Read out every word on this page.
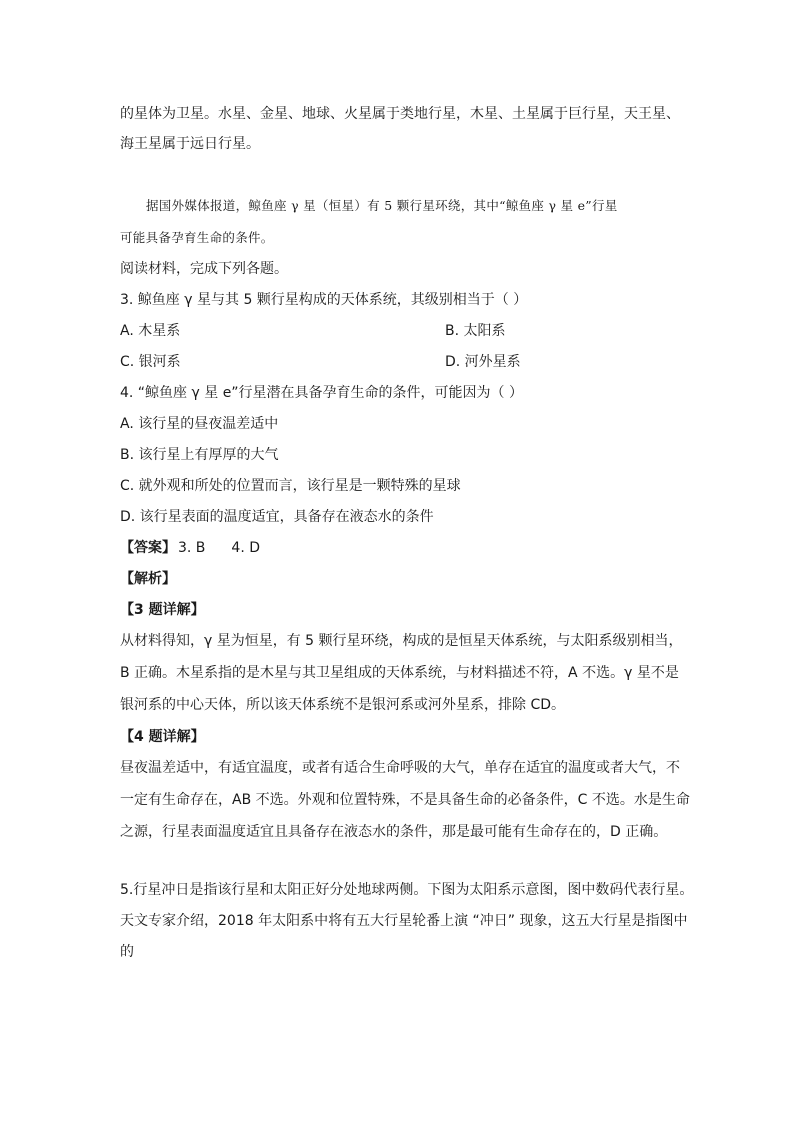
的星体为卫星。水星、金星、地球、火星属于类地行星，木星、土星属于巨行星，天王星、
海王星属于远日行星。
据国外媒体报道，鲸鱼座 γ 星（恒星）有 5 颗行星环绕，其中“鲸鱼座 γ 星 e”行星
可能具备孕育生命的条件。
阅读材料，完成下列各题。
3. 鲸鱼座 γ 星与其 5 颗行星构成的天体系统，其级别相当于（ ）
A. 木星系	B. 太阳系
C. 银河系	D. 河外星系
4. “鲸鱼座 γ 星 e”行星潜在具备孕育生命的条件，可能因为（ ）
A. 该行星的昼夜温差适中
B. 该行星上有厚厚的大气
C. 就外观和所处的位置而言，该行星是一颗特殊的星球
D. 该行星表面的温度适宜，具备存在液态水的条件
【答案】 3. B 4. D
【解析】
【3 题详解】
从材料得知，γ 星为恒星，有 5 颗行星环绕，构成的是恒星天体系统，与太阳系级别相当，
B 正确。木星系指的是木星与其卫星组成的天体系统，与材料描述不符，A 不选。γ 星不是
银河系的中心天体，所以该天体系统不是银河系或河外星系，排除 CD。
【4 题详解】
昼夜温差适中，有适宜温度，或者有适合生命呼吸的大气，单存在适宜的温度或者大气，不
一定有生命存在，AB 不选。外观和位置特殊，不是具备生命的必备条件，C 不选。水是生命
之源，行星表面温度适宜且具备存在液态水的条件，那是最可能有生命存在的，D 正确。
5.行星冲日是指该行星和太阳正好分处地球两侧。下图为太阳系示意图，图中数码代表行星。
天文专家介绍，2018 年太阳系中将有五大行星轮番上演 “冲日” 现象，这五大行星是指图中
的
